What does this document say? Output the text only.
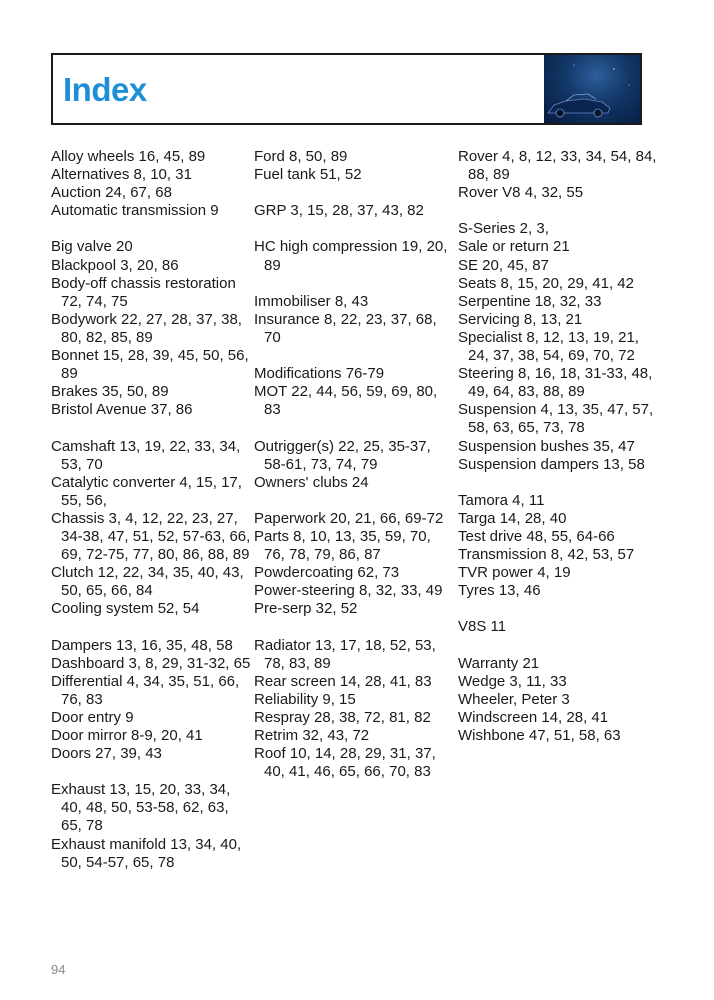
Index
Alloy wheels 16, 45, 89
Alternatives 8, 10, 31
Auction 24, 67, 68
Automatic transmission 9
Big valve 20
Blackpool 3, 20, 86
Body-off chassis restoration 72, 74, 75
Bodywork 22, 27, 28, 37, 38, 80, 82, 85, 89
Bonnet 15, 28, 39, 45, 50, 56, 89
Brakes 35, 50, 89
Bristol Avenue 37, 86
Camshaft 13, 19, 22, 33, 34, 53, 70
Catalytic converter 4, 15, 17, 55, 56,
Chassis 3, 4, 12, 22, 23, 27, 34-38, 47, 51, 52, 57-63, 66, 69, 72-75, 77, 80, 86, 88, 89
Clutch 12, 22, 34, 35, 40, 43, 50, 65, 66, 84
Cooling system 52, 54
Dampers 13, 16, 35, 48, 58
Dashboard 3, 8, 29, 31-32, 65
Differential 4, 34, 35, 51, 66, 76, 83
Door entry 9
Door mirror 8-9, 20, 41
Doors 27, 39, 43
Exhaust 13, 15, 20, 33, 34, 40, 48, 50, 53-58, 62, 63, 65, 78
Exhaust manifold 13, 34, 40, 50, 54-57, 65, 78
Ford 8, 50, 89
Fuel tank 51, 52
GRP 3, 15, 28, 37, 43, 82
HC high compression 19, 20, 89
Immobiliser 8, 43
Insurance 8, 22, 23, 37, 68, 70
Modifications 76-79
MOT 22, 44, 56, 59, 69, 80, 83
Outrigger(s) 22, 25, 35-37, 58-61, 73, 74, 79
Owners' clubs 24
Paperwork 20, 21, 66, 69-72
Parts 8, 10, 13, 35, 59, 70, 76, 78, 79, 86, 87
Powdercoating 62, 73
Power-steering 8, 32, 33, 49
Pre-serp 32, 52
Radiator 13, 17, 18, 52, 53, 78, 83, 89
Rear screen 14, 28, 41, 83
Reliability 9, 15
Respray 28, 38, 72, 81, 82
Retrim 32, 43, 72
Roof 10, 14, 28, 29, 31, 37, 40, 41, 46, 65, 66, 70, 83
Rover 4, 8, 12, 33, 34, 54, 84, 88, 89
Rover V8 4, 32, 55
S-Series 2, 3,
Sale or return 21
SE 20, 45, 87
Seats 8, 15, 20, 29, 41, 42
Serpentine 18, 32, 33
Servicing 8, 13, 21
Specialist 8, 12, 13, 19, 21, 24, 37, 38, 54, 69, 70, 72
Steering 8, 16, 18, 31-33, 48, 49, 64, 83, 88, 89
Suspension 4, 13, 35, 47, 57, 58, 63, 65, 73, 78
Suspension bushes 35, 47
Suspension dampers 13, 58
Tamora 4, 11
Targa 14, 28, 40
Test drive 48, 55, 64-66
Transmission 8, 42, 53, 57
TVR power 4, 19
Tyres 13, 46
V8S 11
Warranty 21
Wedge 3, 11, 33
Wheeler, Peter 3
Windscreen 14, 28, 41
Wishbone 47, 51, 58, 63
94
